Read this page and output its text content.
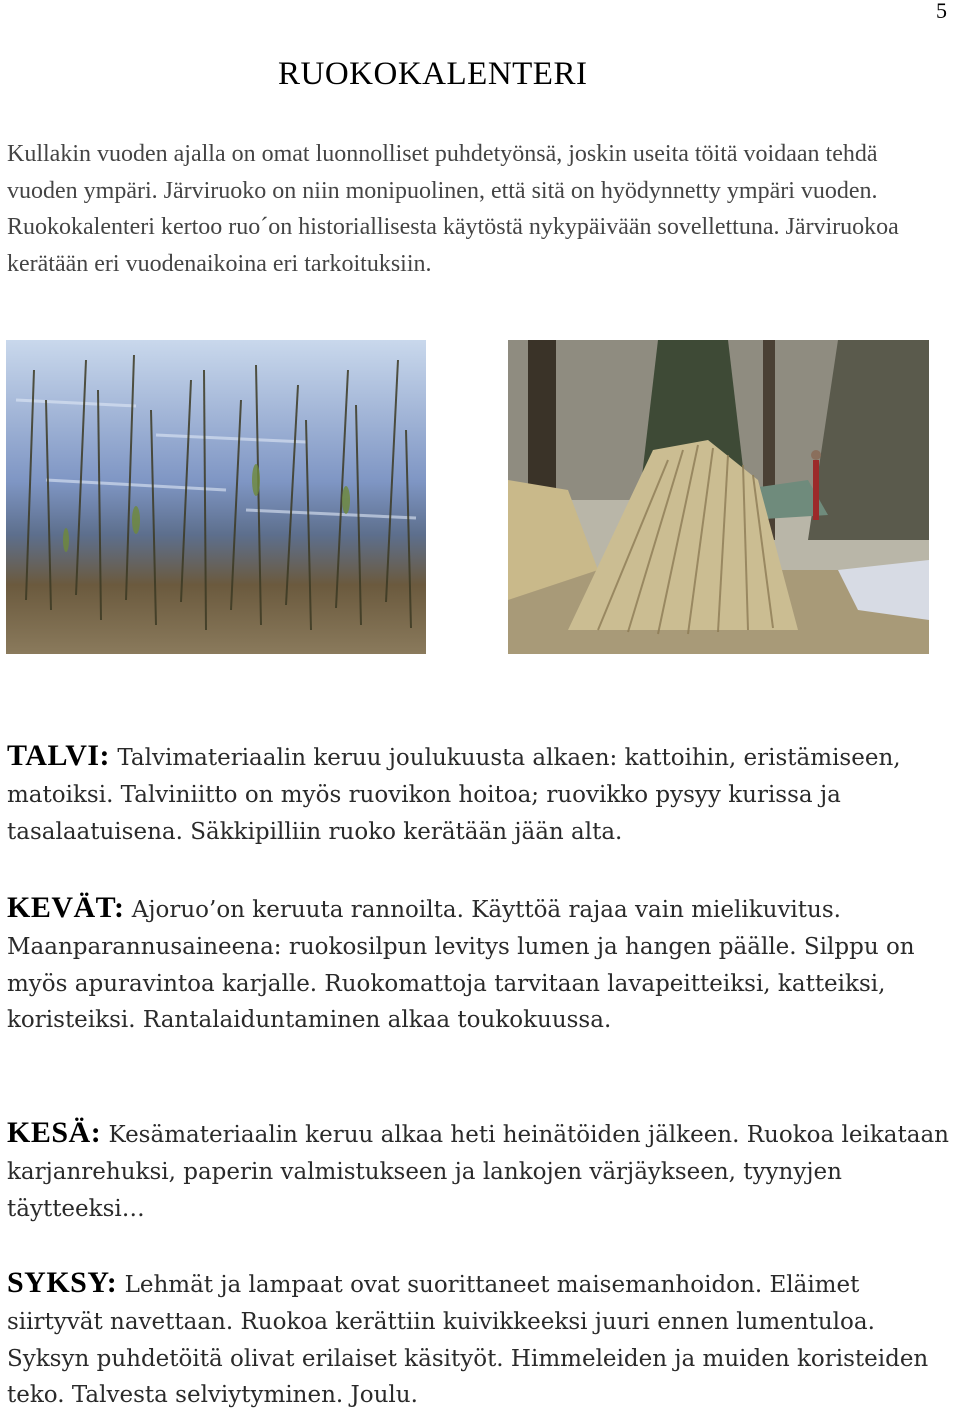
5
RUOKOKALENTERI

Kullakin vuoden ajalla on omat luonnolliset puhdetyönsä, joskin useita töitä voidaan tehdä vuoden ympäri. Järviruoko on niin monipuolinen, että sitä on hyödynnetty ympäri vuoden. Ruokokalenteri kertoo ruo´on historiallisesta käytöstä nykypäivään sovellettuna. Järviruokoa kerätään eri vuodenaikoina eri tarkoituksiin.

TALVI: Talvimateriaalin keruu joulukuusta alkaen: kattoihin, eristämiseen, matoiksi. Talviniitto on myös ruovikon hoitoa; ruovikko pysyy kurissa ja tasalaatuisena. Säkkipilliin ruoko kerätään jään alta.

KEVÄT: Ajoruo’on keruuta rannoilta. Käyttöä rajaa vain mielikuvitus. Maanparannusaineena: ruokosilpun levitys lumen ja hangen päälle. Silppu on myös apuravintoa karjalle. Ruokomattoja tarvitaan lavapeitteiksi, katteiksi, koristeiksi. Rantalaiduntaminen alkaa toukokuussa.

KESÄ: Kesämateriaalin keruu alkaa heti heinätöiden jälkeen. Ruokoa leikataan karjanrehuksi, paperin valmistukseen ja lankojen värjäykseen, tyynyjen täytteeksi…

SYKSY: Lehmät ja lampaat ovat suorittaneet maisemanhoidon. Eläimet siirtyvät navettaan. Ruokoa kerättiin kuivikkeeksi juuri ennen lumentuloa. Syksyn puhdetöitä olivat erilaiset käsityöt. Himmeleiden ja muiden koristeiden teko. Talvesta selviytyminen. Joulu.
